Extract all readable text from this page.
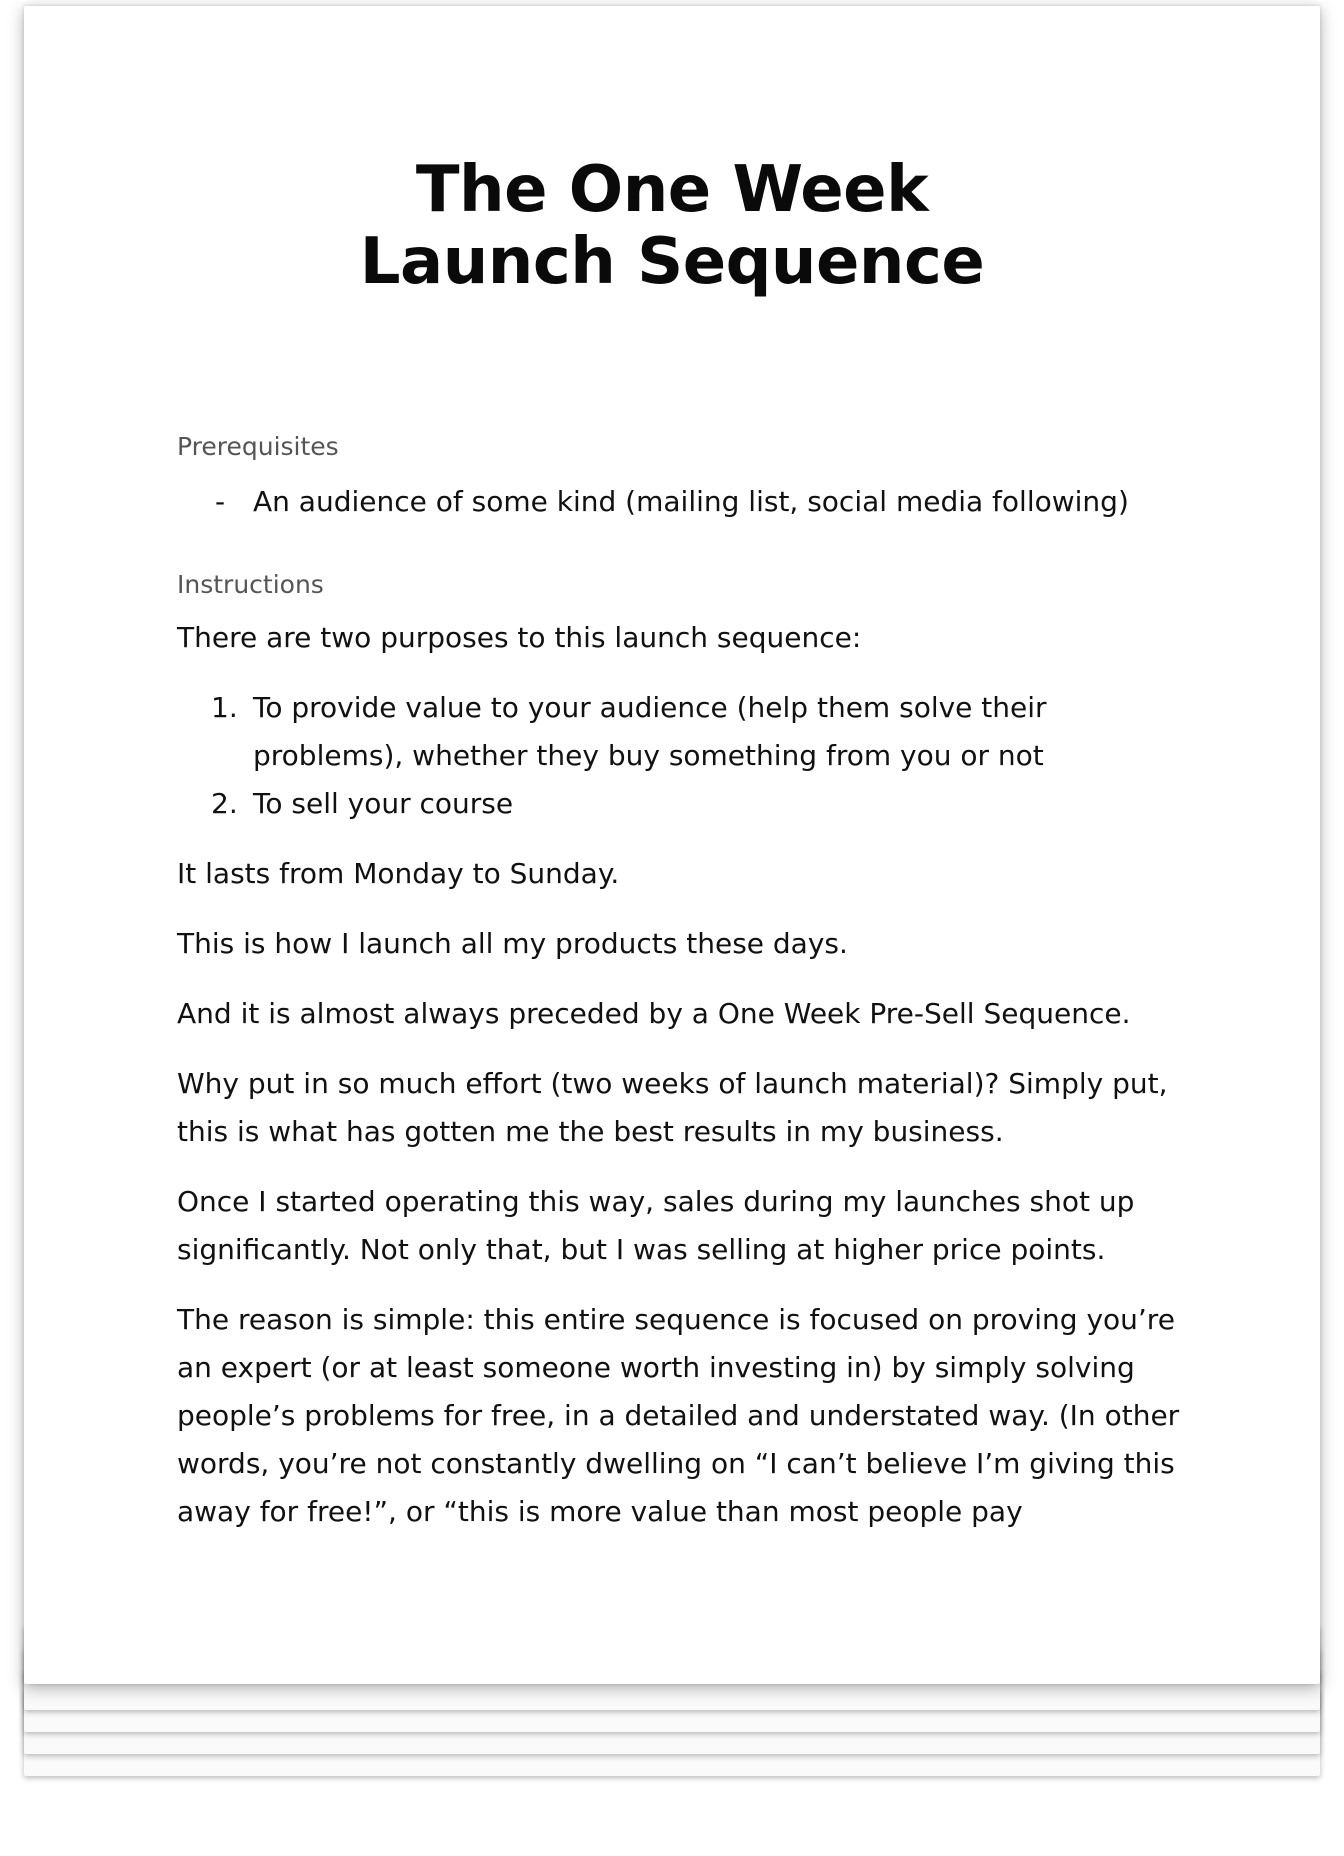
The One Week
Launch Sequence

Prerequisites

- An audience of some kind (mailing list, social media following)

Instructions

There are two purposes to this launch sequence:

1. To provide value to your audience (help them solve their problems), whether they buy something from you or not
2. To sell your course

It lasts from Monday to Sunday.

This is how I launch all my products these days.

And it is almost always preceded by a One Week Pre-Sell Sequence.

Why put in so much effort (two weeks of launch material)? Simply put, this is what has gotten me the best results in my business.

Once I started operating this way, sales during my launches shot up significantly. Not only that, but I was selling at higher price points.

The reason is simple: this entire sequence is focused on proving you’re an expert (or at least someone worth investing in) by simply solving people’s problems for free, in a detailed and understated way. (In other words, you’re not constantly dwelling on “I can’t believe I’m giving this away for free!”, or “this is more value than most people pay
